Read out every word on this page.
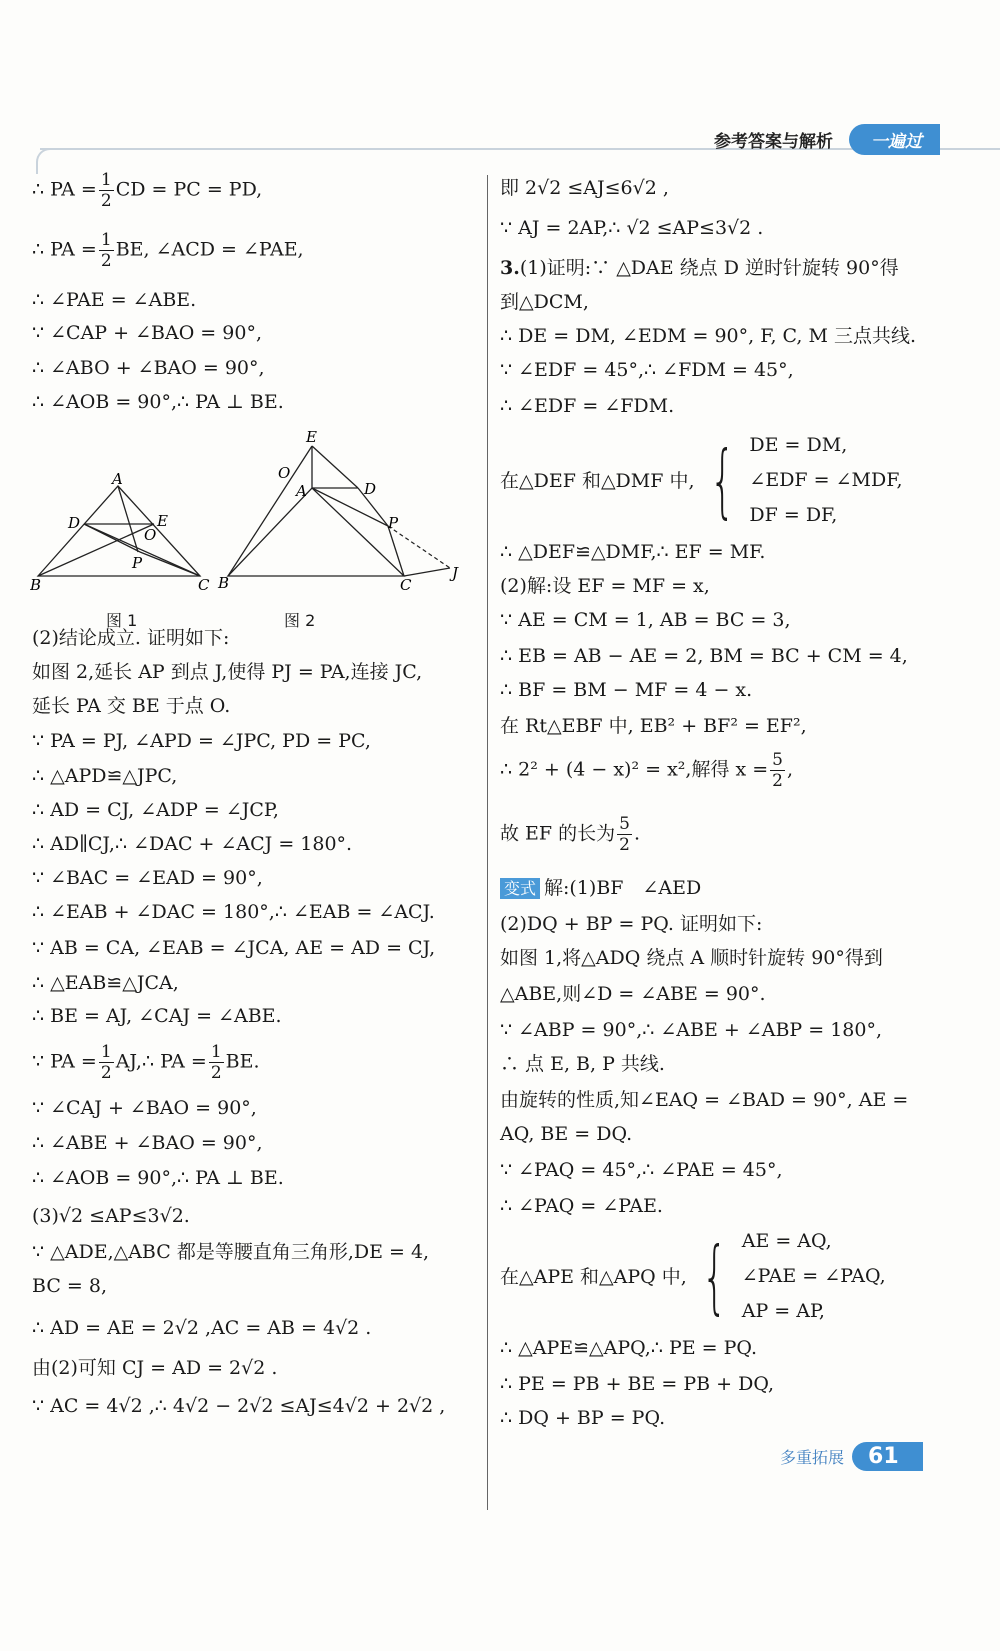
参考答案与解析	一遍过
∴ PA = $\frac{1}{2}$ CD = PC = PD,
∴ PA = $\frac{1}{2}$ BE, ∠ACD = ∠PAE,
∴ ∠PAE = ∠ABE.
∵ ∠CAP + ∠BAO = 90°,
∴ ∠ABO + ∠BAO = 90°,
∴ ∠AOB = 90°,∴ PA ⊥ BE.
(2)结论成立. 证明如下:
如图 2,延长 AP 到点 J,使得 PJ = PA,连接 JC,
延长 PA 交 BE 于点 O.
∵ PA = PJ, ∠APD = ∠JPC, PD = PC,
∴ △APD≌△JPC,
∴ AD = CJ, ∠ADP = ∠JCP,
∴ AD∥CJ,∴ ∠DAC + ∠ACJ = 180°.
∵ ∠BAC = ∠EAD = 90°,
∴ ∠EAB + ∠DAC = 180°,∴ ∠EAB = ∠ACJ.
∵ AB = CA, ∠EAB = ∠JCA, AE = AD = CJ,
∴ △EAB≌△JCA,
∴ BE = AJ, ∠CAJ = ∠ABE.
∵ PA = $\frac{1}{2}$ AJ,∴ PA = $\frac{1}{2}$ BE.
∵ ∠CAJ + ∠BAO = 90°,
∴ ∠ABE + ∠BAO = 90°,
∴ ∠AOB = 90°,∴ PA ⊥ BE.
(3)√2 ≤AP≤3√2.
∵ △ADE,△ABC 都是等腰直角三角形,DE = 4,
BC = 8,
∴ AD = AE = 2√2 ,AC = AB = 4√2 .
由(2)可知 CJ = AD = 2√2 .
∵ AC = 4√2 ,∴ 4√2 − 2√2 ≤AJ≤4√2 + 2√2 ,
A
B	C
D	E
O
P
E
O
A	D
P
B	C
J
图 1	图 2
即 2√2 ≤AJ≤6√2 ,
∵ AJ = 2AP,∴ √2 ≤AP≤3√2 .
3.(1)证明:∵ △DAE 绕点 D 逆时针旋转 90°得
到△DCM,
∴ DE = DM, ∠EDM = 90°, F, C, M 三点共线.
∵ ∠EDF = 45°,∴ ∠FDM = 45°,
∴ ∠EDF = ∠FDM.
在△DEF 和△DMF 中, { DE = DM,
∠EDF = ∠MDF,
DF = DF,
∴ △DEF≌△DMF,∴ EF = MF.
(2)解:设 EF = MF = x,
∵ AE = CM = 1, AB = BC = 3,
∴ EB = AB − AE = 2, BM = BC + CM = 4,
∴ BF = BM − MF = 4 − x.
在 Rt△EBF 中, EB² + BF² = EF²,
∴ 2² + (4 − x)² = x²,解得 $x = \frac{5}{2}$ ,
故 EF 的长为 $\frac{5}{2}$ .
变式 解:(1)BF　∠AED
(2)DQ + BP = PQ. 证明如下:
如图 1,将△ADQ 绕点 A 顺时针旋转 90°得到
△ABE,则∠D = ∠ABE = 90°.
∵ ∠ABP = 90°,∴ ∠ABE + ∠ABP = 180°,
∴ 点 E, B, P 共线.
由旋转的性质,知∠EAQ = ∠BAD = 90°, AE =
AQ, BE = DQ.
∵ ∠PAQ = 45°,∴ ∠PAE = 45°,
∴ ∠PAQ = ∠PAE.
在△APE 和△APQ 中, { AE = AQ,
∠PAE = ∠PAQ,
AP = AP,
∴ △APE≌△APQ,∴ PE = PQ.
∴ PE = PB + BE = PB + DQ,
∴ DQ + BP = PQ.
多重拓展	61
